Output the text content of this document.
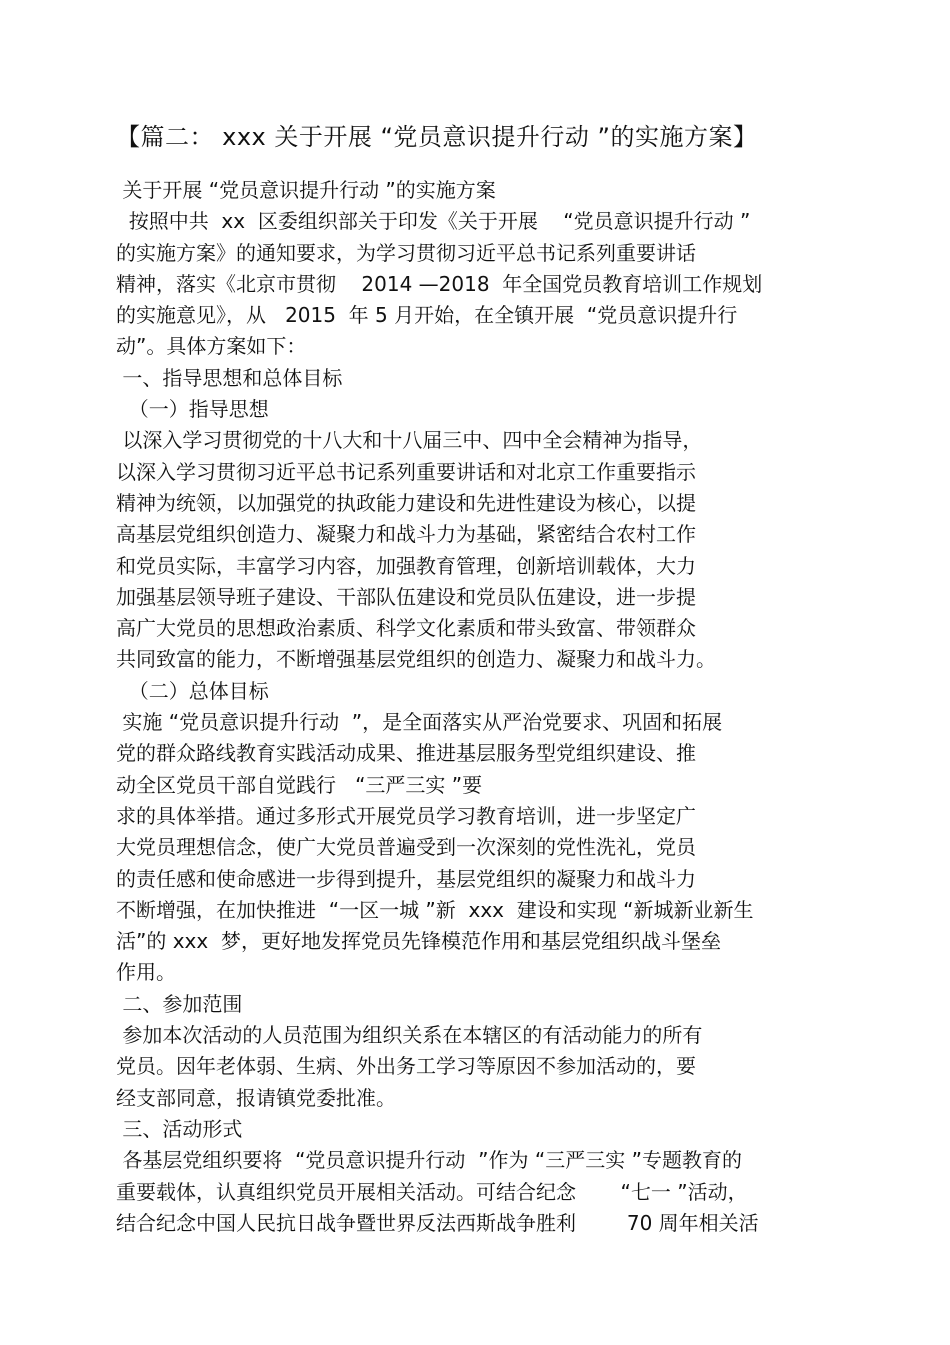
【篇二： xxx 关于开展 “党员意识提升行动 ”的实施方案】
关于开展 “党员意识提升行动 ”的实施方案
按照中共  xx  区委组织部关于印发《关于开展    “党员意识提升行动 ”
的实施方案》的通知要求，为学习贯彻习近平总书记系列重要讲话
精神，落实《北京市贯彻    2014 —2018  年全国党员教育培训工作规划
的实施意见》，从   2015  年 5 月开始，在全镇开展  “党员意识提升行
动”。具体方案如下：
一、指导思想和总体目标
（一）指导思想
以深入学习贯彻党的十八大和十八届三中、四中全会精神为指导，
以深入学习贯彻习近平总书记系列重要讲话和对北京工作重要指示
精神为统领，以加强党的执政能力建设和先进性建设为核心，以提
高基层党组织创造力、凝聚力和战斗力为基础，紧密结合农村工作
和党员实际，丰富学习内容，加强教育管理，创新培训载体，大力
加强基层领导班子建设、干部队伍建设和党员队伍建设，进一步提
高广大党员的思想政治素质、科学文化素质和带头致富、带领群众
共同致富的能力，不断增强基层党组织的创造力、凝聚力和战斗力。
（二）总体目标
实施 “党员意识提升行动  ”，是全面落实从严治党要求、巩固和拓展
党的群众路线教育实践活动成果、推进基层服务型党组织建设、推
动全区党员干部自觉践行   “三严三实 ”要
求的具体举措。通过多形式开展党员学习教育培训，进一步坚定广
大党员理想信念，使广大党员普遍受到一次深刻的党性洗礼，党员
的责任感和使命感进一步得到提升，基层党组织的凝聚力和战斗力
不断增强，在加快推进  “一区一城 ”新  xxx  建设和实现 “新城新业新生
活”的 xxx  梦，更好地发挥党员先锋模范作用和基层党组织战斗堡垒
作用。
二、参加范围
参加本次活动的人员范围为组织关系在本辖区的有活动能力的所有
党员。因年老体弱、生病、外出务工学习等原因不参加活动的，要
经支部同意，报请镇党委批准。
三、活动形式
各基层党组织要将  “党员意识提升行动  ”作为 “三严三实 ”专题教育的
重要载体，认真组织党员开展相关活动。可结合纪念       “七一 ”活动，
结合纪念中国人民抗日战争暨世界反法西斯战争胜利        70 周年相关活
